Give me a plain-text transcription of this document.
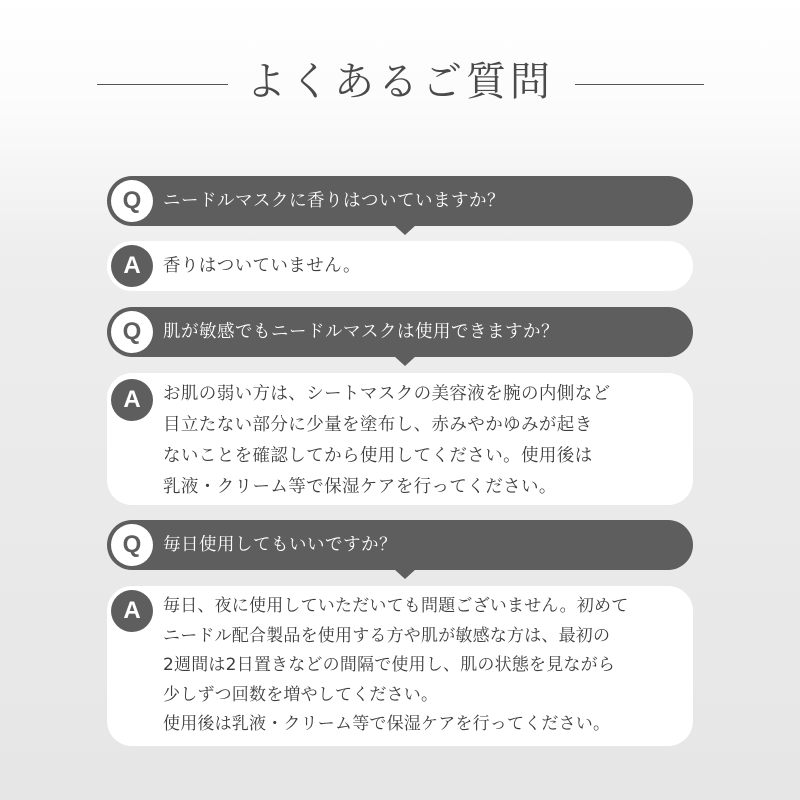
よくあるご質問
Q	ニードルマスクに香りはついていますか？
A	香りはついていません。
Q	肌が敏感でもニードルマスクは使用できますか？
A	お肌の弱い方は、シートマスクの美容液を腕の内側など
目立たない部分に少量を塗布し、赤みやかゆみが起き
ないことを確認してから使用してください。使用後は
乳液・クリーム等で保湿ケアを行ってください。
Q	毎日使用してもいいですか？
A	毎日、夜に使用していただいても問題ございません。初めて
ニードル配合製品を使用する方や肌が敏感な方は、最初の
2週間は2日置きなどの間隔で使用し、肌の状態を見ながら
少しずつ回数を増やしてください。
使用後は乳液・クリーム等で保湿ケアを行ってください。
